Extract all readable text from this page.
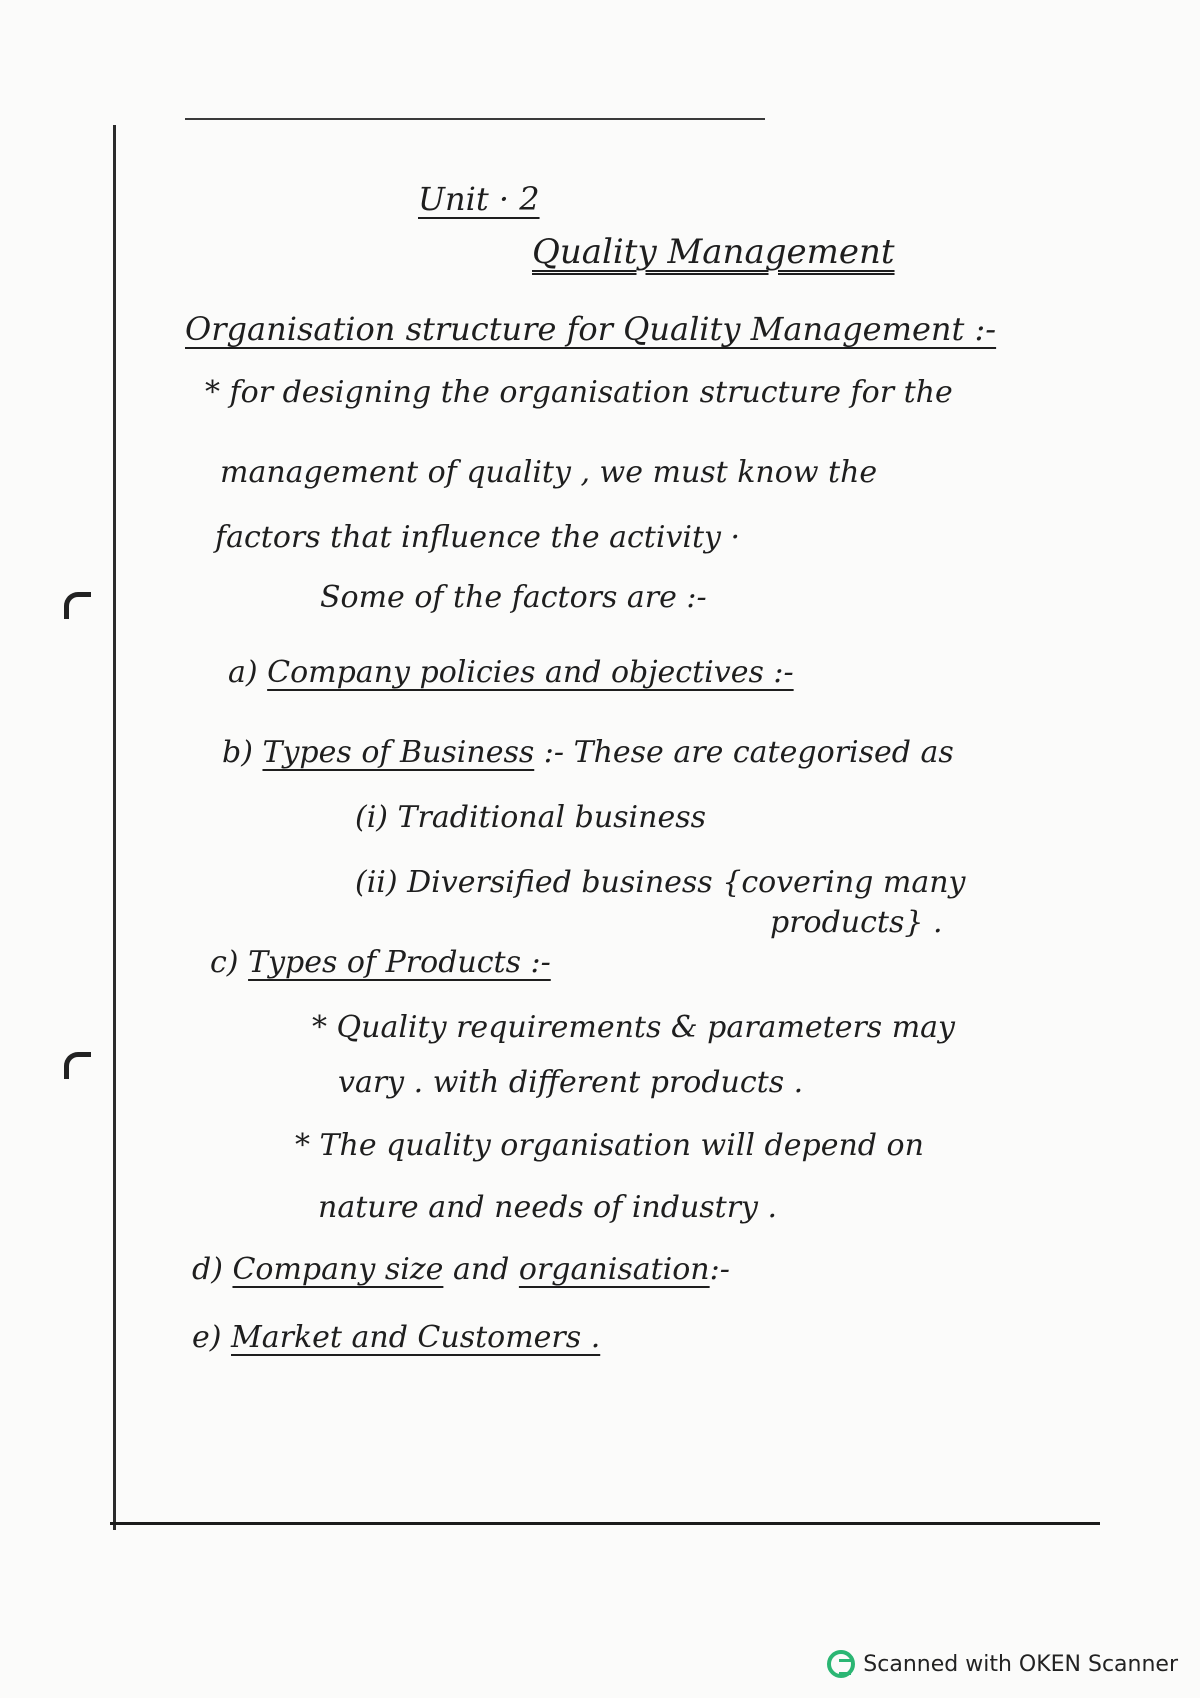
Unit · 2
Quality Management
Organisation structure for Quality Management :-
* for designing the organisation structure for the
management of quality , we must know the
factors that influence the activity ·
Some of the factors are :-
a) Company policies and objectives :-
b) Types of Business :- These are categorised as
(i) Traditional business
(ii) Diversified business {covering many
products} .
c) Types of Products :-
* Quality requirements & parameters may
vary . with different products .
* The quality organisation will depend on
nature and needs of industry .
d) Company size and organisation:-
e) Market and Customers .
Scanned with OKEN Scanner
